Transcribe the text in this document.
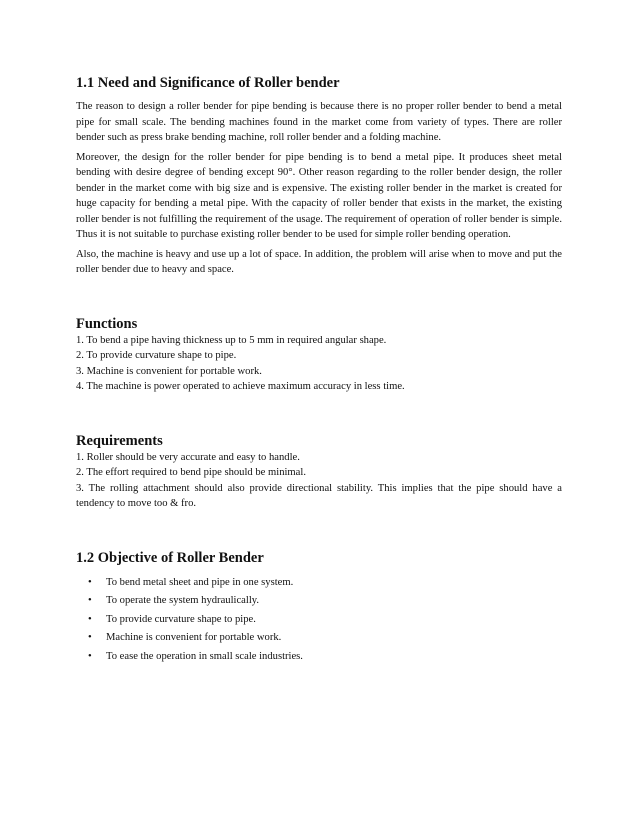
1.1 Need and Significance of Roller bender

The reason to design a roller bender for pipe bending is because there is no proper roller bender to bend a metal pipe for small scale. The bending machines found in the market come from variety of types. There are roller bender such as press brake bending machine, roll roller bender and a folding machine.

Moreover, the design for the roller bender for pipe bending is to bend a metal pipe. It produces sheet metal bending with desire degree of bending except 90°. Other reason regarding to the roller bender design, the roller bender in the market come with big size and is expensive. The existing roller bender in the market is created for huge capacity for bending a metal pipe. With the capacity of roller bender that exists in the market, the existing roller bender is not fulfilling the requirement of the usage. The requirement of operation of roller bender is simple. Thus it is not suitable to purchase existing roller bender to be used for simple roller bending operation.

Also, the machine is heavy and use up a lot of space. In addition, the problem will arise when to move and put the roller bender due to heavy and space.

Functions
1. To bend a pipe having thickness up to 5 mm in required angular shape.
2. To provide curvature shape to pipe.
3. Machine is convenient for portable work.
4. The machine is power operated to achieve maximum accuracy in less time.
Requirements
1. Roller should be very accurate and easy to handle.
2. The effort required to bend pipe should be minimal.

3. The rolling attachment should also provide directional stability. This implies that the pipe should have a tendency to move too & fro.

1.2 Objective of Roller Bender
• To bend metal sheet and pipe in one system.
• To operate the system hydraulically.
• To provide curvature shape to pipe.
• Machine is convenient for portable work.
• To ease the operation in small scale industries.
